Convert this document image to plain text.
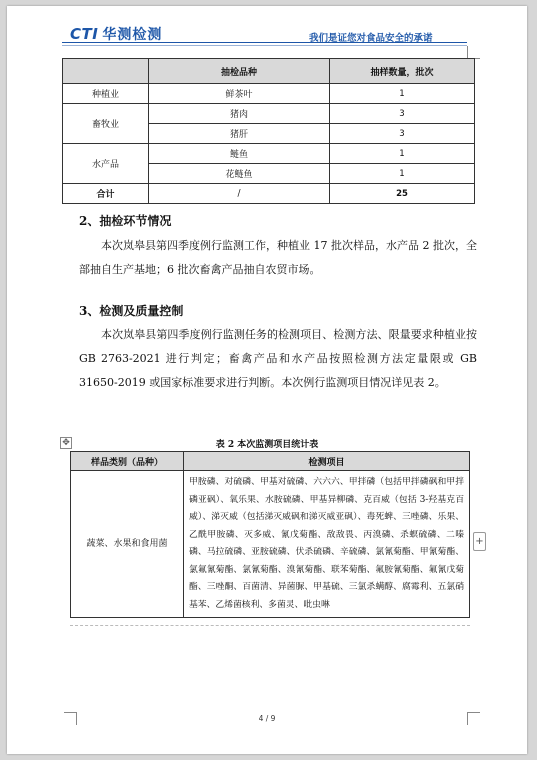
CTI 华测检测	我们是证您对食品安全的承诺
	抽检品种	抽样数量，批次
种植业	鲜茶叶	1
畜牧业	猪肉	3
	猪肝	3
水产品	鲢鱼	1
	花鲢鱼	1
合计	/	25
2、抽检环节情况
本次岚皋县第四季度例行监测工作，种植业 17 批次样品，水产品 2 批次，全部抽自生产基地；6 批次畜禽产品抽自农贸市场。
3、检测及质量控制
本次岚皋县第四季度例行监测任务的检测项目、检测方法、限量要求种植业按 GB 2763-2021 进行判定；畜禽产品和水产品按照检测方法定量限或 GB 31650-2019 或国家标准要求进行判断。本次例行监测项目情况详见表 2。
✥	表 2 本次监测项目统计表
样品类别（品种）	检测项目
蔬菜、水果和食用菌	甲胺磷、对硫磷、甲基对硫磷、六六六、甲拌磷（包括甲拌磷砜和甲拌磷亚砜）、氧乐果、水胺硫磷、甲基异柳磷、克百威（包括 3-羟基克百威）、涕灭威（包括涕灭威砜和涕灭威亚砜）、毒死蜱、三唑磷、乐果、乙酰甲胺磷、灭多威、氰戊菊酯、敌敌畏、丙溴磷、杀螟硫磷、二嗪磷、马拉硫磷、亚胺硫磷、伏杀硫磷、辛硫磷、氯氰菊酯、甲氰菊酯、氯氟氰菊酯、氯氰菊酯、溴氰菊酯、联苯菊酯、氟胺氰菊酯、氟氰戊菊酯、三唑酮、百菌清、异菌脲、甲基硫、三氯杀螨醇、腐霉利、五氯硝基苯、乙烯菌核利、多菌灵、吡虫啉
+
4 / 9
